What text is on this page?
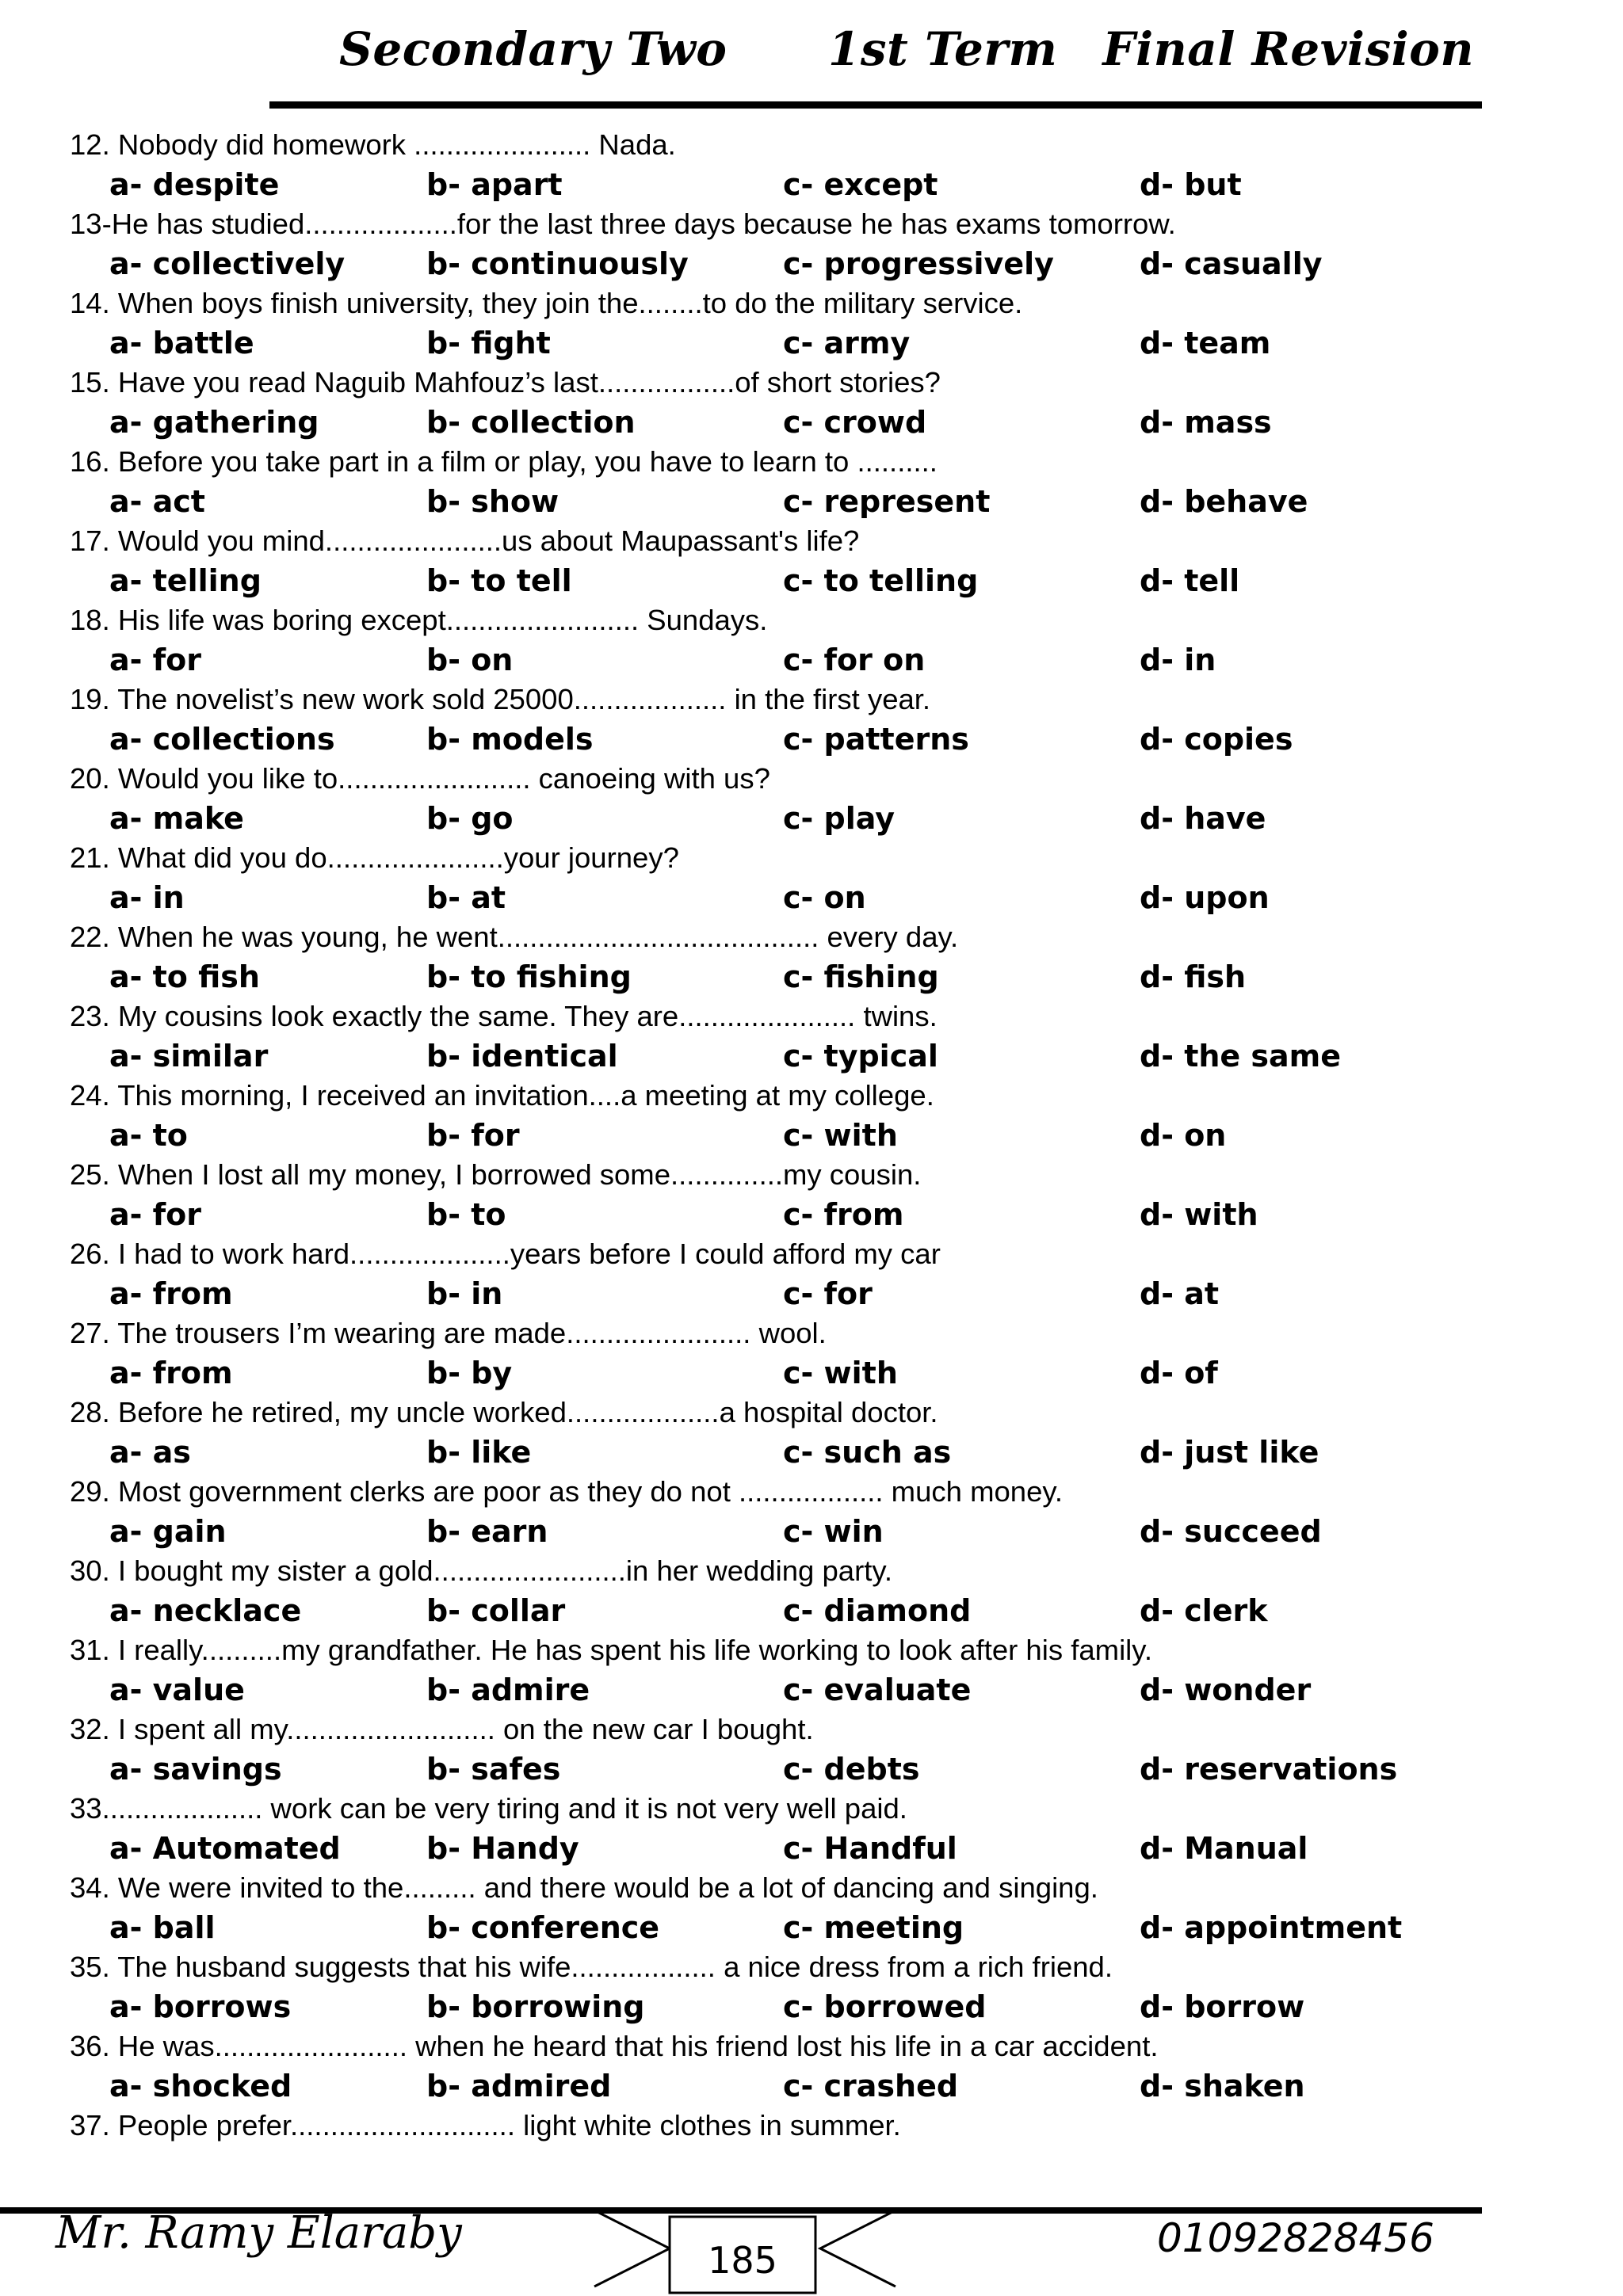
Secondary Two 1st Term Final Revision
12. Nobody did homework ...................... Nada.
a- despite	b- apart	c- except	d- but
13-He has studied...................for the last three days because he has exams tomorrow.
a- collectively	b- continuously	c- progressively	d- casually
14. When boys finish university, they join the........to do the military service.
a- battle	b- fight	c- army	d- team
15. Have you read Naguib Mahfouz’s last.................of short stories?
a- gathering	b- collection	c- crowd	d- mass
16. Before you take part in a film or play, you have to learn to ..........
a- act	b- show	c- represent	d- behave
17. Would you mind......................us about Maupassant's life?
a- telling	b- to tell	c- to telling	d- tell
18. His life was boring except........................ Sundays.
a- for	b- on	c- for on	d- in
19. The novelist’s new work sold 25000................... in the first year.
a- collections	b- models	c- patterns	d- copies
20. Would you like to........................ canoeing with us?
a- make	b- go	c- play	d- have
21. What did you do......................your journey?
a- in	b- at	c- on	d- upon
22. When he was young, he went........................................ every day.
a- to fish	b- to fishing	c- fishing	d- fish
23. My cousins look exactly the same. They are...................... twins.
a- similar	b- identical	c- typical	d- the same
24. This morning, I received an invitation....a meeting at my college.
a- to	b- for	c- with	d- on
25. When I lost all my money, I borrowed some..............my cousin.
a- for	b- to	c- from	d- with
26. I had to work hard....................years before I could afford my car
a- from	b- in	c- for	d- at
27. The trousers I’m wearing are made....................... wool.
a- from	b- by	c- with	d- of
28. Before he retired, my uncle worked...................a hospital doctor.
a- as	b- like	c- such as	d- just like
29. Most government clerks are poor as they do not .................. much money.
a- gain	b- earn	c- win	d- succeed
30. I bought my sister a gold........................in her wedding party.
a- necklace	b- collar	c- diamond	d- clerk
31. I really..........my grandfather. He has spent his life working to look after his family.
a- value	b- admire	c- evaluate	d- wonder
32. I spent all my.......................... on the new car I bought.
a- savings	b- safes	c- debts	d- reservations
33.................... work can be very tiring and it is not very well paid.
a- Automated	b- Handy	c- Handful	d- Manual
34. We were invited to the......... and there would be a lot of dancing and singing.
a- ball	b- conference	c- meeting	d- appointment
35. The husband suggests that his wife.................. a nice dress from a rich friend.
a- borrows	b- borrowing	c- borrowed	d- borrow
36. He was........................ when he heard that his friend lost his life in a car accident.
a- shocked	b- admired	c- crashed	d- shaken
37. People prefer............................ light white clothes in summer.
185
Mr. Ramy Elaraby	01092828456
